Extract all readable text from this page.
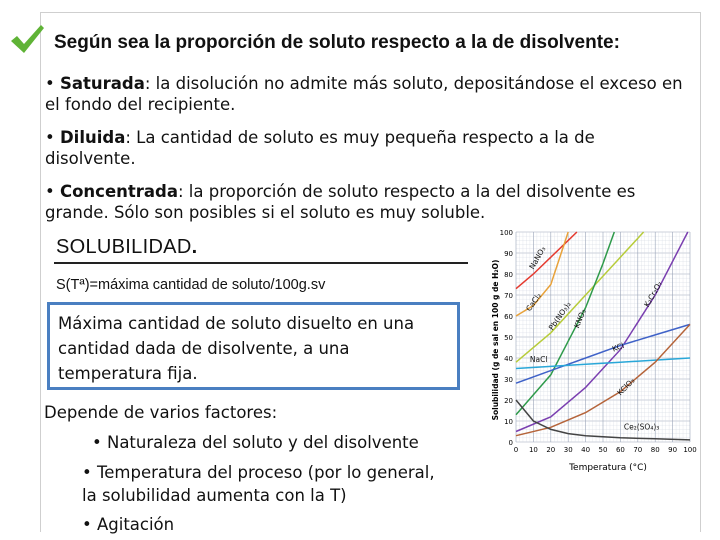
Según sea la proporción de soluto respecto a la de disolvente:
• Saturada: la disolución no admite más soluto, depositándose el exceso en el fondo del recipiente.
• Diluida: La cantidad de soluto es muy pequeña respecto a la de disolvente.
• Concentrada: la proporción de soluto respecto a la del disolvente es grande. Sólo son posibles si el soluto es muy soluble.
SOLUBILIDAD.
S(Tª)=máxima cantidad de soluto/100g.sv
Máxima cantidad de soluto disuelto en una cantidad dada de disolvente, a una temperatura fija.
Depende de varios factores:
• Naturaleza del soluto y del disolvente
• Temperatura del proceso (por lo general,
la solubilidad aumenta con la T)
• Agitación
0
10
20
30
40
50
60
70
80
90
100
0 10 20 30 40 50 60 70 80 90 100
NaNO₃
CaCl₂ Pb(NO₃)₂ KNO₃
K₂Cr₂O₇
KCl
NaCl
KClO₃
Ce₂(SO₄)₃
Temperatura (°C)
Solubilidad (g de sal en 100 g de H₂O)
